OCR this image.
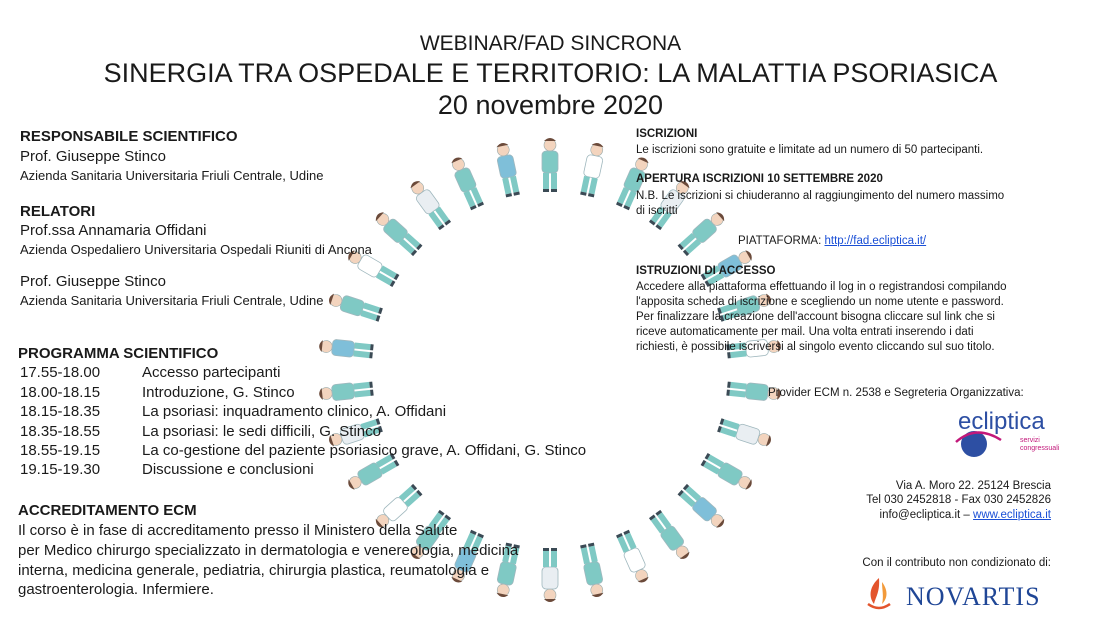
WEBINAR/FAD SINCRONA
SINERGIA TRA OSPEDALE E TERRITORIO: LA MALATTIA PSORIASICA
20 novembre 2020
RESPONSABILE SCIENTIFICO
Prof. Giuseppe Stinco
Azienda Sanitaria Universitaria Friuli Centrale, Udine
RELATORI
Prof.ssa Annamaria Offidani
Azienda Ospedaliero Universitaria Ospedali Riuniti di Ancona
Prof. Giuseppe Stinco
Azienda Sanitaria Universitaria Friuli Centrale, Udine
PROGRAMMA SCIENTIFICO
17.55-18.00	Accesso partecipanti
18.00-18.15	Introduzione, G. Stinco
18.15-18.35	La psoriasi: inquadramento clinico, A. Offidani
18.35-18.55	La psoriasi: le sedi difficili, G. Stinco
18.55-19.15	La co-gestione del paziente psoriasico grave, A. Offidani, G. Stinco
19.15-19.30	Discussione e conclusioni
ACCREDITAMENTO ECM
Il corso è in fase di accreditamento presso il Ministero della Salute
per Medico chirurgo specializzato in dermatologia e venereologia, medicina
interna, medicina generale, pediatria, chirurgia plastica, reumatologia e
gastroenterologia. Infermiere.
ISCRIZIONI
Le iscrizioni sono gratuite e limitate ad un numero di 50 partecipanti.
APERTURA ISCRIZIONI 10 SETTEMBRE 2020
N.B. Le iscrizioni si chiuderanno al raggiungimento del numero massimo
di iscritti
PIATTAFORMA: http://fad.ecliptica.it/
ISTRUZIONI DI ACCESSO
Accedere alla piattaforma effettuando il log in o registrandosi compilando
l'apposita scheda di iscrizione e scegliendo un nome utente e password.
Per finalizzare la creazione dell'account bisogna cliccare sul link che si
riceve automaticamente per mail. Una volta entrati inserendo i dati
richiesti, è possibile iscriversi al singolo evento cliccando sul suo titolo.
Provider ECM n. 2538 e Segreteria Organizzativa:
ecliptica
servizi
congressuali
Via A. Moro 22. 25124 Brescia
Tel 030 2452818 - Fax 030 2452826
info@ecliptica.it – www.ecliptica.it
Con il contributo non condizionato di:
NOVARTIS
